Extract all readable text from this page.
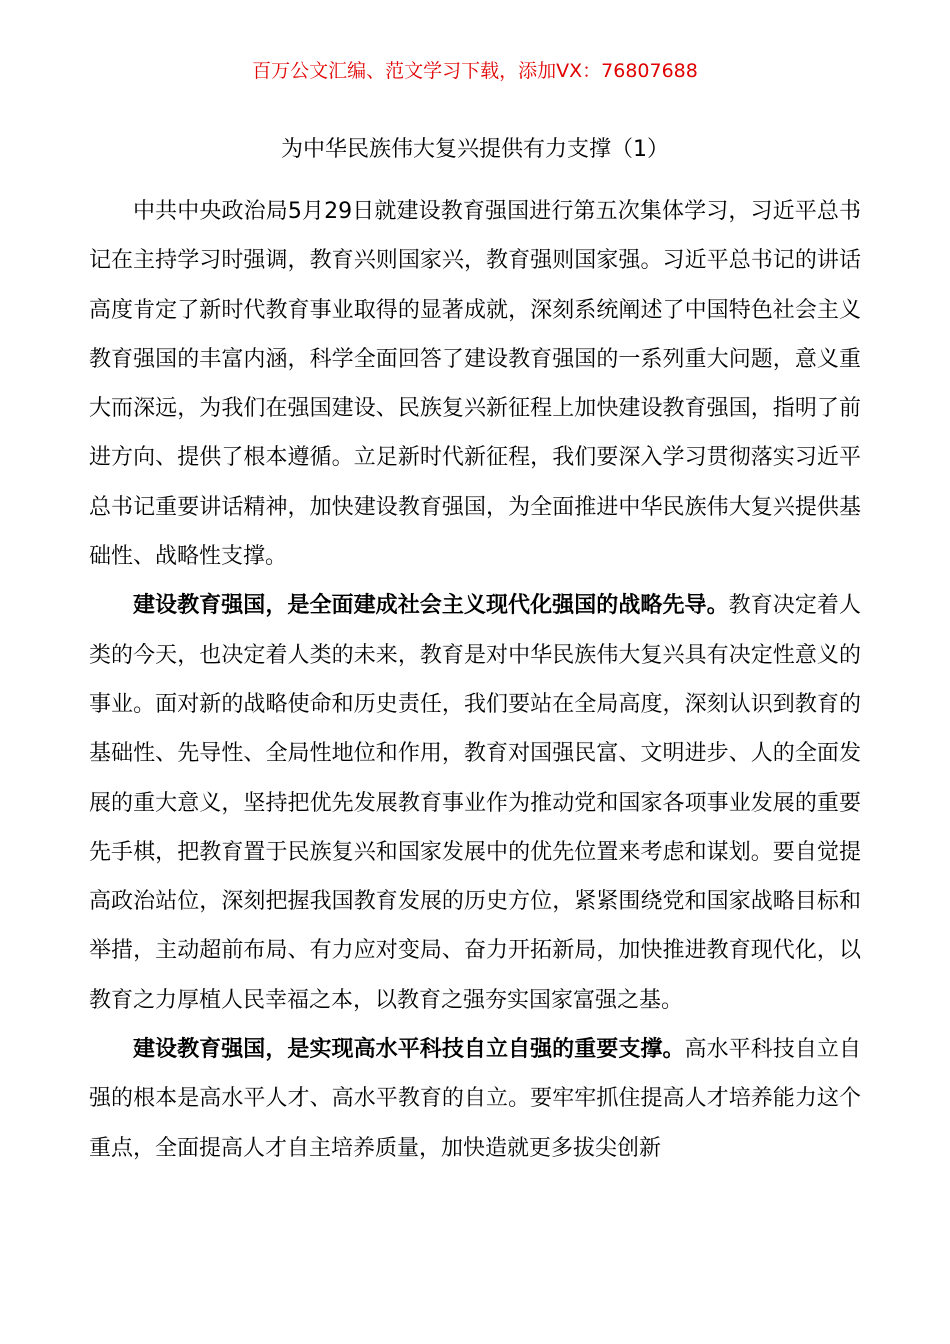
百万公文汇编、范文学习下载，添加VX：76807688
为中华民族伟大复兴提供有力支撑（1）

中共中央政治局5月29日就建设教育强国进行第五次集体学习，习近平总书记在主持学习时强调，教育兴则国家兴，教育强则国家强。习近平总书记的讲话高度肯定了新时代教育事业取得的显著成就，深刻系统阐述了中国特色社会主义教育强国的丰富内涵，科学全面回答了建设教育强国的一系列重大问题，意义重大而深远，为我们在强国建设、民族复兴新征程上加快建设教育强国，指明了前进方向、提供了根本遵循。立足新时代新征程，我们要深入学习贯彻落实习近平总书记重要讲话精神，加快建设教育强国，为全面推进中华民族伟大复兴提供基础性、战略性支撑。

建设教育强国，是全面建成社会主义现代化强国的战略先导。教育决定着人类的今天，也决定着人类的未来，教育是对中华民族伟大复兴具有决定性意义的事业。面对新的战略使命和历史责任，我们要站在全局高度，深刻认识到教育的基础性、先导性、全局性地位和作用，教育对国强民富、文明进步、人的全面发展的重大意义，坚持把优先发展教育事业作为推动党和国家各项事业发展的重要先手棋，把教育置于民族复兴和国家发展中的优先位置来考虑和谋划。要自觉提高政治站位，深刻把握我国教育发展的历史方位，紧紧围绕党和国家战略目标和举措，主动超前布局、有力应对变局、奋力开拓新局，加快推进教育现代化，以教育之力厚植人民幸福之本，以教育之强夯实国家富强之基。

建设教育强国，是实现高水平科技自立自强的重要支撑。高水平科技自立自强的根本是高水平人才、高水平教育的自立。要牢牢抓住提高人才培养能力这个重点，全面提高人才自主培养质量，加快造就更多拔尖创新
